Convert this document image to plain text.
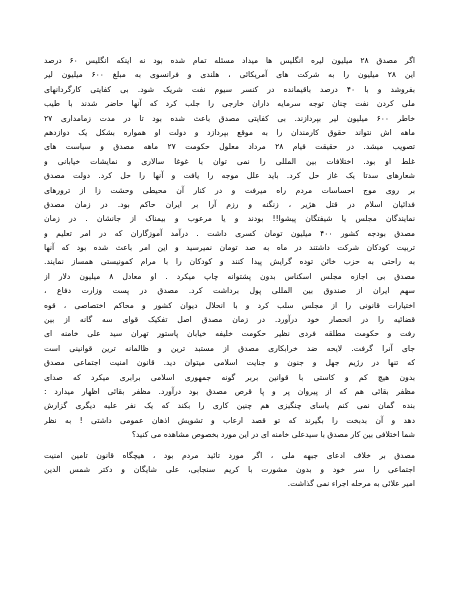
اگر مصدق ۲۸ میلیون لیره انگلیس ها میداد مسئله تمام شده بود نه اینکه انگلیس ۶۰ درصد
این ۲۸ میلیون را به شرکت های آمریکائی ، هلندی و فرانسوی به مبلغ ۶۰۰ میلیون لیر
بفروشد و با ۴۰ درصد باقیمانده در کنسر سیوم نفت شریک شود. بی کفایتی کارگردانهای
ملی کردن نفت چنان توجه سرمایه داران خارجی را جلب کرد که آنها حاضر شدند با طیب
خاطر ۶۰۰ میلیون لیر بپردازند. بی کفایتی مصدق باعث شده بود تا در مدت زمامداری ۲۷
ماهه اش نتواند حقوق کارمندان را به موقع بپردازد و دولت او همواره بشکل یک دوازدهم
تصویب میشد. در حقیقت قیام ۲۸ مرداد معلول حکومت ۲۷ ماهه مصدق و سیاست های
غلط او بود. اختلافات بین المللی را نمی توان با غوغا سالاری و نمایشات خیابانی و
شعارهای سدتا یک غاز حل کرد. باید علل موجه را یافت و آنها را حل کرد. دولت مصدق
بر روی موج احساسات مردم راه میرفت و در کنار آن محیطی وحشت زا از ترورهای
فدائیان اسلام در قتل هژیر ، زنگنه و رزم آرا بر ایران حاکم بود. در زمان مصدق
نمایندگان مجلس یا شیفتگان پیشوا!! بودند و یا مرعوب و بیمناک از جانشان . در زمان
مصدق بودجه کشور ۴۰۰ میلیون تومان کسری داشت . درآمد آموزگاران که در امر تعلیم و
تربیت کودکان شرکت داشتند در ماه به صد تومان نمیرسید و این امر باعث شده بود که آنها
به راحتی به حزب خائن توده گرایش پیدا کنند و کودکان را با مرام کمونیستی همساز نمایند.
مصدق بی اجازه مجلس اسکناس بدون پشتوانه چاپ میکرد . او معادل ۸ میلیون دلار از
سهم ایران از صندوق بین المللی پول برداشت کرد. مصدق در پست وزارت دفاع ،
اختیارات قانونی را از مجلس سلب کرد و با انحلال دیوان کشور و محاکم اختصاصی ، قوه
قضائیه را در انحصار خود درآورد. در زمان مصدق اصل تفکیک قوای سه گانه از بین
رفت و حکومت مطلقه فردی نظیر حکومت خلیفه خیابان پاستور تهران سید علی خامنه ای
جای آنرا گرفت. لایحه ضد خرابکاری مصدق از مستبد ترین و ظالمانه ترین قوانینی است
که تنها در رژیم جهل و جنون و جنایت اسلامی میتوان دید. قانون امنیت اجتماعی مصدق
بدون هیچ کم و کاستی با قوانین بربر گونه جمهوری اسلامی برابری میکرد که صدای
مظفر بقائی هم که از پیروان پر و پا قرص مصدق بود درآورد. مظفر بقائی اظهار میدارد :
بنده گمان نمی کنم یاسای چنگیزی هم چنین کاری را بکند که یک نفر علیه دیگری گزارش
دهد و آن بدبخت را بگیرند که تو قصد ارعاب و تشویش اذهان عمومی داشتی ! به نظر
شما اختلافی بین کار مصدق با سیدعلی خامنه ای در این مورد بخصوص مشاهده می کنید؟

مصدق بر خلاف ادعای جبهه ملی ، اگر مورد تائید مردم بود ، هیچگاه قانون تامین امنیت
اجتماعی را سر خود و بدون مشورت با کریم سنجابی، علی شایگان و دکتر شمس الدین
امیر علائی به مرحله اجراء نمی گذاشت.
